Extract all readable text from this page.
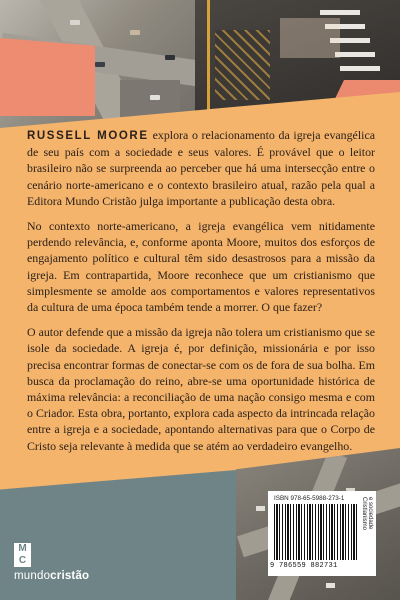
RUSSELL MOORE explora o relacionamento da igreja evangélica de seu país com a sociedade e seus valores. É provável que o leitor brasileiro não se surpreenda ao perceber que há uma intersecção entre o cenário norte-americano e o contexto brasileiro atual, razão pela qual a Editora Mundo Cristão julga importante a publicação desta obra.

No contexto norte-americano, a igreja evangélica vem nitidamente perdendo relevância, e, conforme aponta Moore, muitos dos esforços de engajamento político e cultural têm sido desastrosos para a missão da igreja. Em contrapartida, Moore reconhece que um cristianismo que simplesmente se amolde aos comportamentos e valores representativos da cultura de uma época também tende a morrer. O que fazer?

O autor defende que a missão da igreja não tolera um cristianismo que se isole da sociedade. A igreja é, por definição, missionária e por isso precisa encontrar formas de conectar-se com os de fora de sua bolha. Em busca da proclamação do reino, abre-se uma oportunidade histórica de máxima relevância: a reconciliação de uma nação consigo mesma e com o Criador. Esta obra, portanto, explora cada aspecto da intrincada relação entre a igreja e a sociedade, apontando alternativas para que o Corpo de Cristo seja relevante à medida que se atém ao verdadeiro evangelho.

M
C
mundocristão
ISBN 978-65-5988-273-1
9 786559 882731
Cristianismo e sociedade
